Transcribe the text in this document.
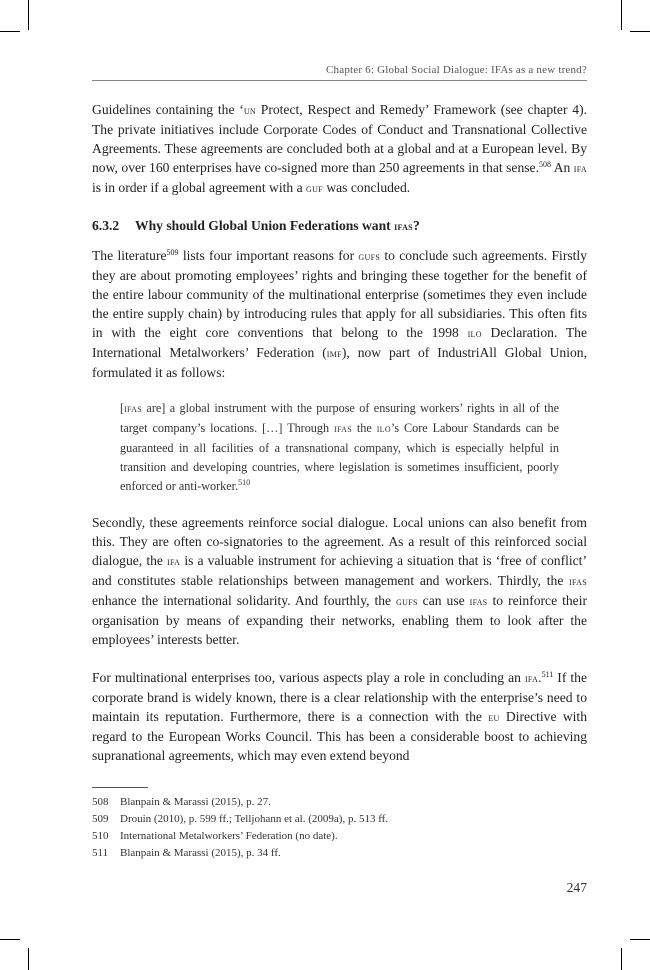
Chapter 6: Global Social Dialogue: IFAs as a new trend?

Guidelines containing the ‘un Protect, Respect and Remedy’ Framework (see chapter 4). The private initiatives include Corporate Codes of Conduct and Transnational Collective Agreements. These agreements are concluded both at a global and at a European level. By now, over 160 enterprises have co-signed more than 250 agreements in that sense.$^{508}$ An ifa is in order if a global agreement with a guf was concluded.

6.3.2 Why should Global Union Federations want ifas?

The literature$^{509}$ lists four important reasons for gufs to conclude such agreements. Firstly they are about promoting employees’ rights and bringing these together for the benefit of the entire labour community of the multinational enterprise (sometimes they even include the entire supply chain) by introducing rules that apply for all subsidiaries. This often fits in with the eight core conventions that belong to the 1998 ilo Declaration. The International Metalworkers’ Federation (imf), now part of IndustriAll Global Union, formulated it as follows:

[ifas are] a global instrument with the purpose of ensuring workers’ rights in all of the target company’s locations. […] Through ifas the ilo’s Core Labour Standards can be guaranteed in all facilities of a transnational company, which is especially helpful in transition and developing countries, where legislation is sometimes insufficient, poorly enforced or anti-worker.$^{510}$

Secondly, these agreements reinforce social dialogue. Local unions can also benefit from this. They are often co-signatories to the agreement. As a result of this reinforced social dialogue, the ifa is a valuable instrument for achieving a situation that is ‘free of conflict’ and constitutes stable relationships between management and workers. Thirdly, the ifas enhance the international solidarity. And fourthly, the gufs can use ifas to reinforce their organisation by means of expanding their networks, enabling them to look after the employees’ interests better.

For multinational enterprises too, various aspects play a role in concluding an ifa.$^{511}$ If the corporate brand is widely known, there is a clear relationship with the enterprise’s need to maintain its reputation. Furthermore, there is a connection with the eu Directive with regard to the European Works Council. This has been a considerable boost to achieving supranational agreements, which may even extend beyond

508	Blanpain & Marassi (2015), p. 27.
509	Drouin (2010), p. 599 ff.; Telljohann et al. (2009a), p. 513 ff.
510	International Metalworkers’ Federation (no date).
511	Blanpain & Marassi (2015), p. 34 ff.
247
